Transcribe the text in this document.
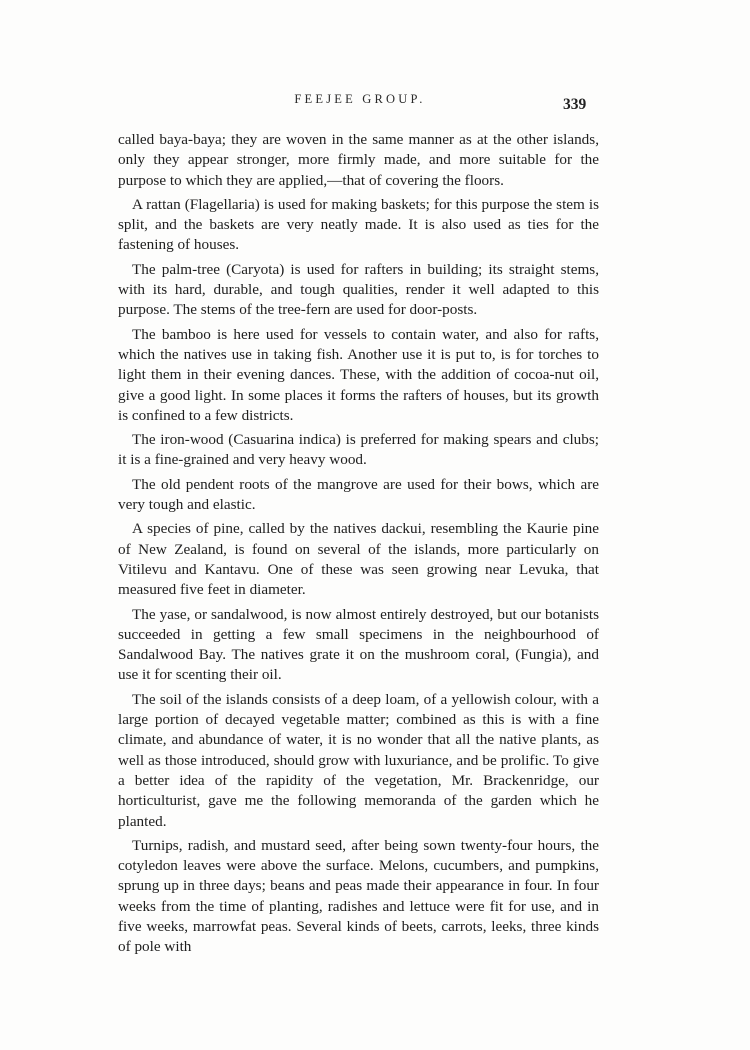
FEEJEE GROUP.	339

called baya-baya; they are woven in the same manner as at the other islands, only they appear stronger, more firmly made, and more suitable for the purpose to which they are applied,—that of covering the floors.

A rattan (Flagellaria) is used for making baskets; for this purpose the stem is split, and the baskets are very neatly made. It is also used as ties for the fastening of houses.

The palm-tree (Caryota) is used for rafters in building; its straight stems, with its hard, durable, and tough qualities, render it well adapted to this purpose. The stems of the tree-fern are used for door-posts.

The bamboo is here used for vessels to contain water, and also for rafts, which the natives use in taking fish. Another use it is put to, is for torches to light them in their evening dances. These, with the addition of cocoa-nut oil, give a good light. In some places it forms the rafters of houses, but its growth is confined to a few districts.

The iron-wood (Casuarina indica) is preferred for making spears and clubs; it is a fine-grained and very heavy wood.

The old pendent roots of the mangrove are used for their bows, which are very tough and elastic.

A species of pine, called by the natives dackui, resembling the Kaurie pine of New Zealand, is found on several of the islands, more particularly on Vitilevu and Kantavu. One of these was seen growing near Levuka, that measured five feet in diameter.

The yase, or sandalwood, is now almost entirely destroyed, but our botanists succeeded in getting a few small specimens in the neighbourhood of Sandalwood Bay. The natives grate it on the mushroom coral, (Fungia), and use it for scenting their oil.

The soil of the islands consists of a deep loam, of a yellowish colour, with a large portion of decayed vegetable matter; combined as this is with a fine climate, and abundance of water, it is no wonder that all the native plants, as well as those introduced, should grow with luxuriance, and be prolific. To give a better idea of the rapidity of the vegetation, Mr. Brackenridge, our horticulturist, gave me the following memoranda of the garden which he planted.

Turnips, radish, and mustard seed, after being sown twenty-four hours, the cotyledon leaves were above the surface. Melons, cucumbers, and pumpkins, sprung up in three days; beans and peas made their appearance in four. In four weeks from the time of planting, radishes and lettuce were fit for use, and in five weeks, marrowfat peas. Several kinds of beets, carrots, leeks, three kinds of pole with
